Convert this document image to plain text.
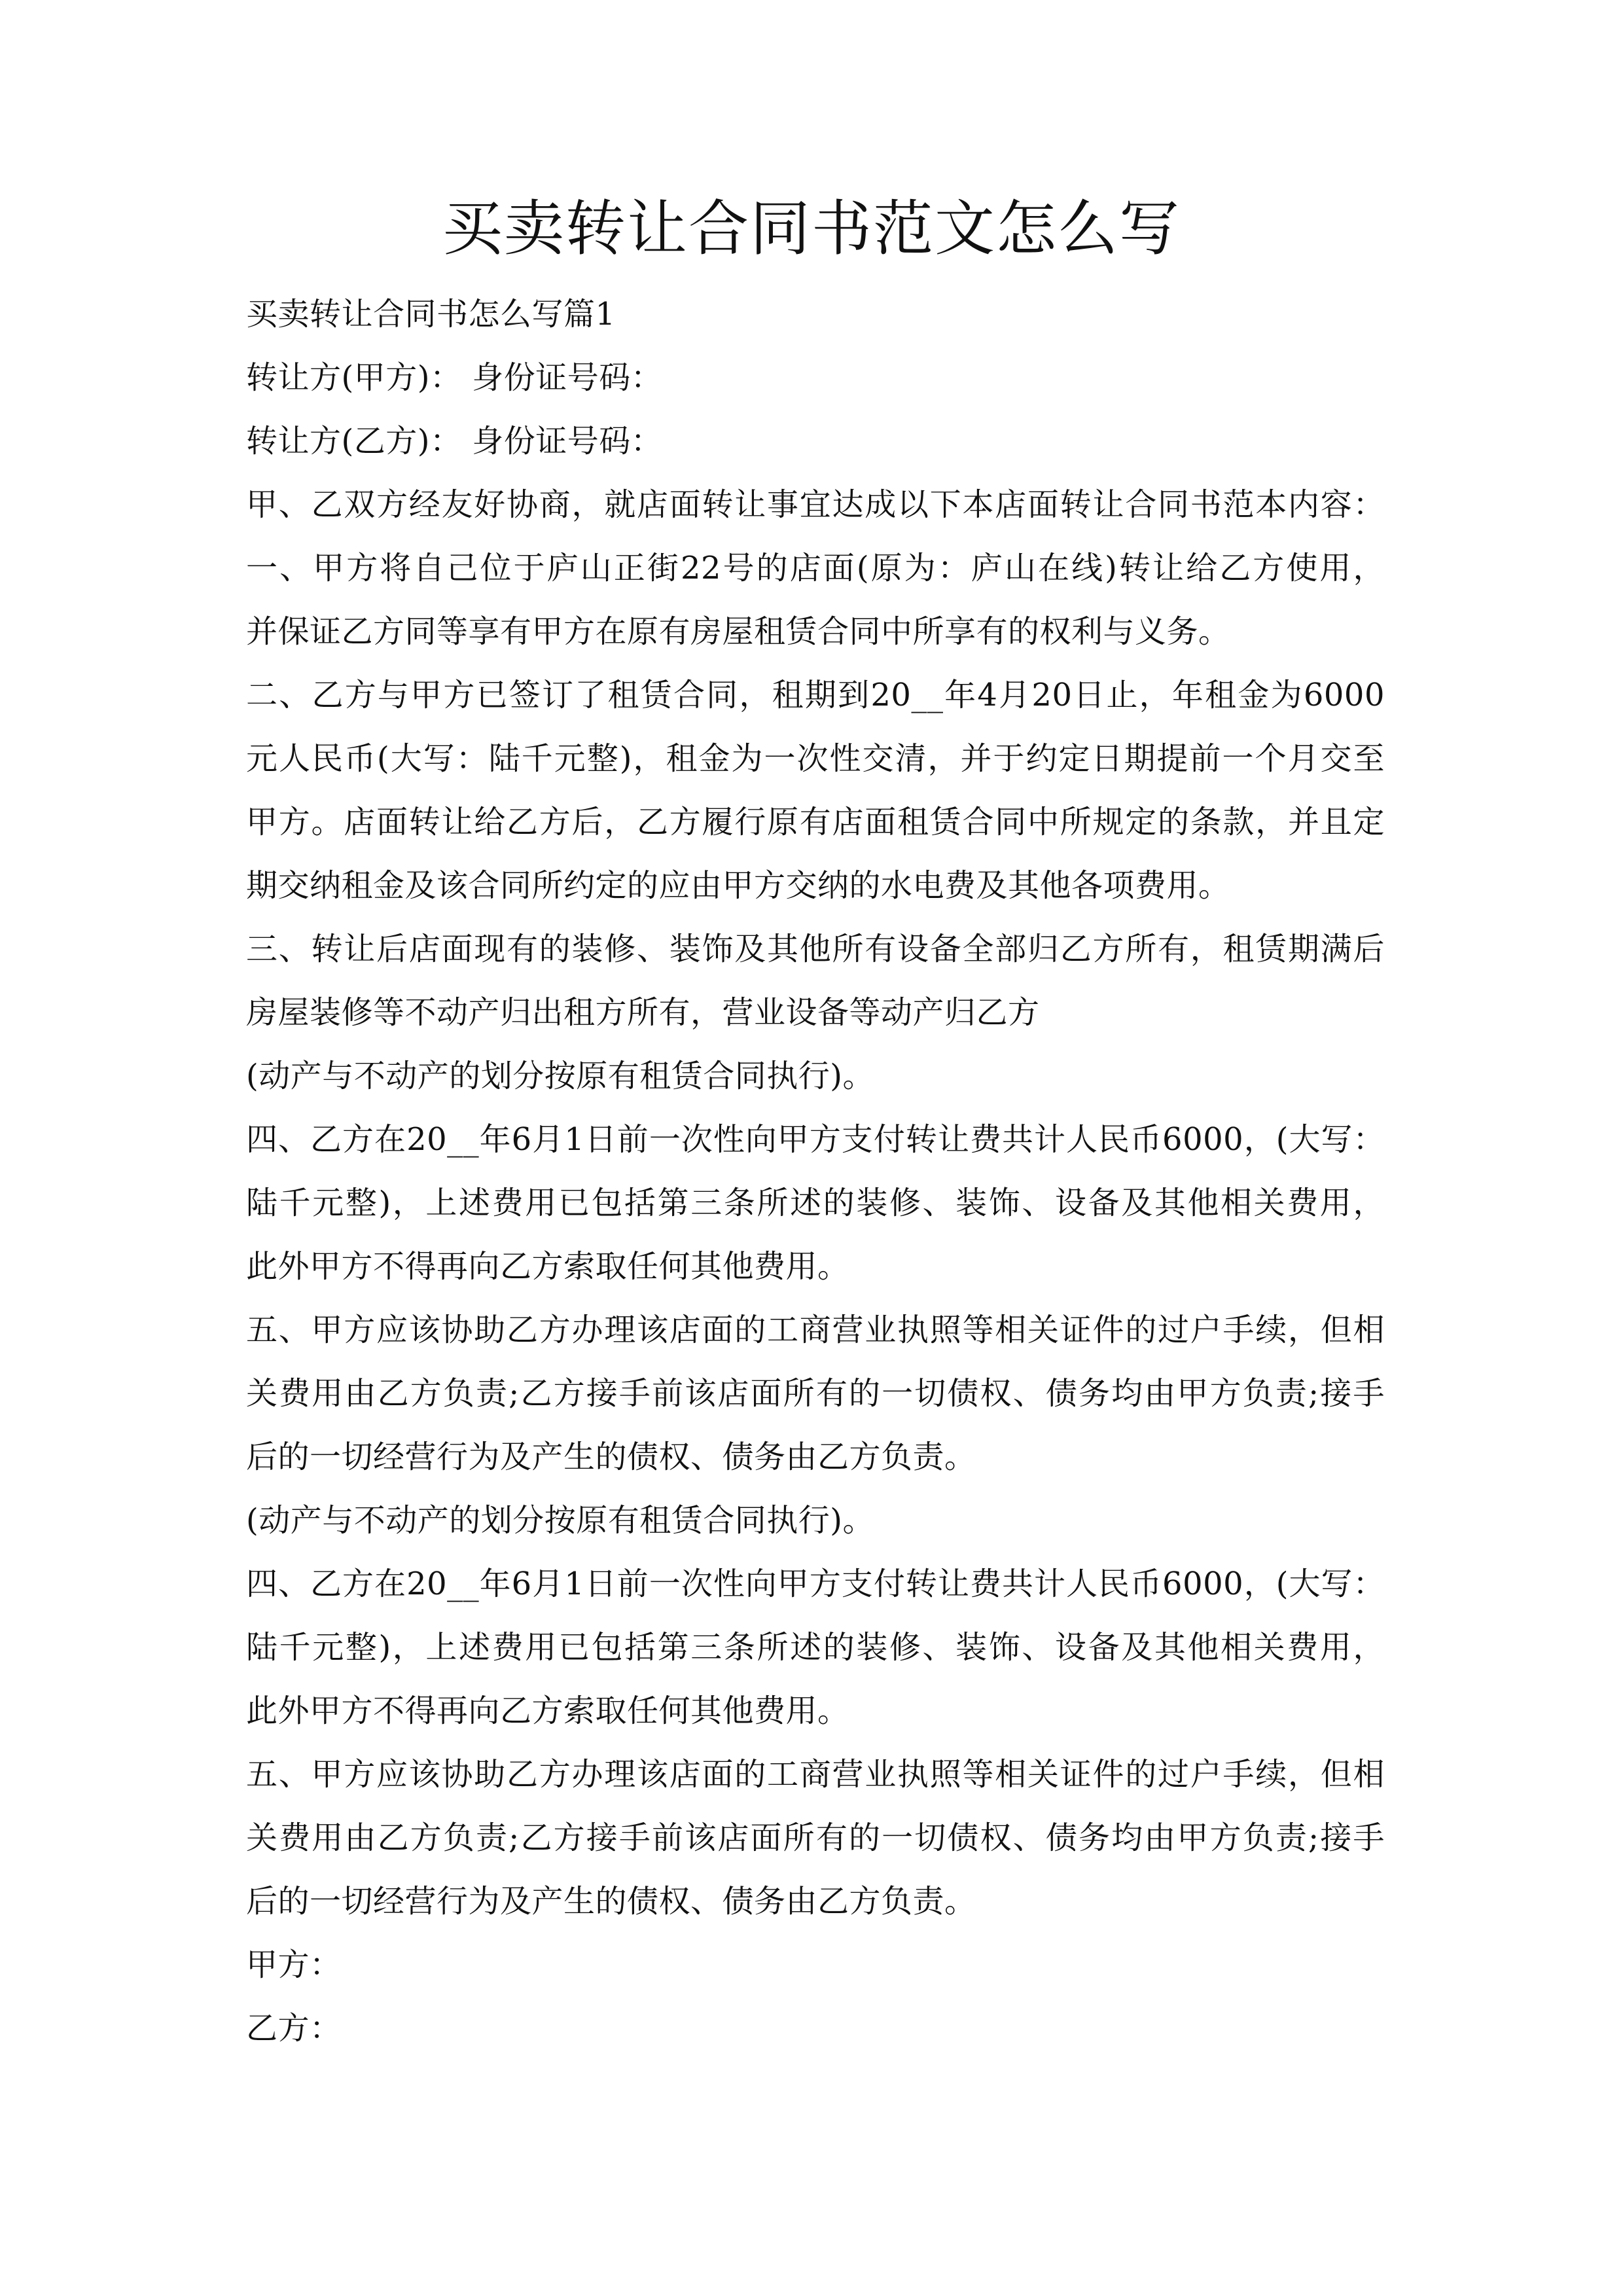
买卖转让合同书范文怎么写
买卖转让合同书怎么写篇1
转让方(甲方)： 身份证号码：
转让方(乙方)： 身份证号码：
甲、乙双方经友好协商，就店面转让事宜达成以下本店面转让合同书范本内容：
一、甲方将自己位于庐山正街22号的店面(原为：庐山在线)转让给乙方使用，
并保证乙方同等享有甲方在原有房屋租赁合同中所享有的权利与义务。
二、乙方与甲方已签订了租赁合同，租期到20__年4月20日止，年租金为6000
元人民币(大写：陆千元整)，租金为一次性交清，并于约定日期提前一个月交至
甲方。店面转让给乙方后，乙方履行原有店面租赁合同中所规定的条款，并且定
期交纳租金及该合同所约定的应由甲方交纳的水电费及其他各项费用。
三、转让后店面现有的装修、装饰及其他所有设备全部归乙方所有，租赁期满后
房屋装修等不动产归出租方所有，营业设备等动产归乙方
(动产与不动产的划分按原有租赁合同执行)。
四、乙方在20__年6月1日前一次性向甲方支付转让费共计人民币6000，(大写：
陆千元整)，上述费用已包括第三条所述的装修、装饰、设备及其他相关费用，
此外甲方不得再向乙方索取任何其他费用。
五、甲方应该协助乙方办理该店面的工商营业执照等相关证件的过户手续，但相
关费用由乙方负责;乙方接手前该店面所有的一切债权、债务均由甲方负责;接手
后的一切经营行为及产生的债权、债务由乙方负责。
(动产与不动产的划分按原有租赁合同执行)。
四、乙方在20__年6月1日前一次性向甲方支付转让费共计人民币6000，(大写：
陆千元整)，上述费用已包括第三条所述的装修、装饰、设备及其他相关费用，
此外甲方不得再向乙方索取任何其他费用。
五、甲方应该协助乙方办理该店面的工商营业执照等相关证件的过户手续，但相
关费用由乙方负责;乙方接手前该店面所有的一切债权、债务均由甲方负责;接手
后的一切经营行为及产生的债权、债务由乙方负责。
甲方：
乙方：
